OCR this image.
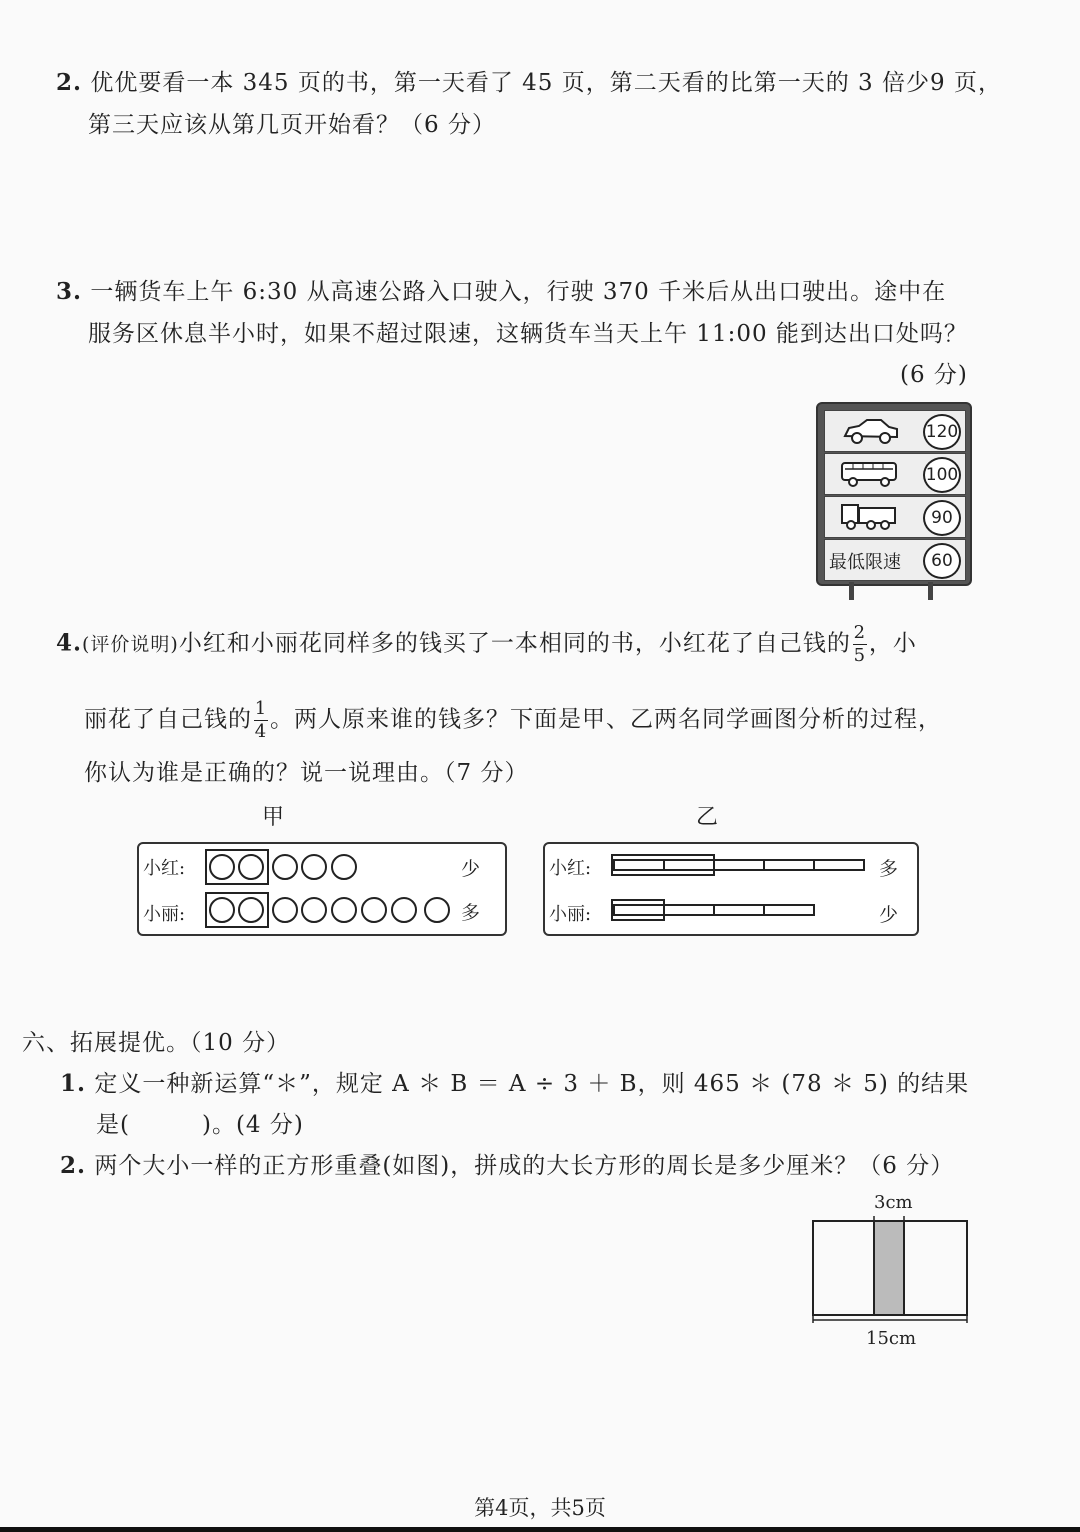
2. 优优要看一本 345 页的书，第一天看了 45 页，第二天看的比第一天的 3 倍少9 页，
第三天应该从第几页开始看？（6 分）
3. 一辆货车上午 6:30 从高速公路入口驶入，行驶 370 千米后从出口驶出。途中在
服务区休息半小时，如果不超过限速，这辆货车当天上午 11:00 能到达出口处吗？
(6 分)
120
100
90
最低限速	60
4.(评价说明)小红和小丽花同样多的钱买了一本相同的书，小红花了自己钱的 $\frac{2}{5}$ ，小
丽花了自己钱的 $\frac{1}{4}$ 。两人原来谁的钱多？下面是甲、乙两名同学画图分析的过程，
你认为谁是正确的？说一说理由。（7 分）
甲
小红:
小丽:
少
多
乙
小红:
小丽:
多
少
六、拓展提优。（10 分）
1. 定义一种新运算“＊”，规定 A ＊ B ＝ A ÷ 3 ＋ B，则 465 ＊ (78 ＊ 5) 的结果
是(　　　)。(4 分)
2. 两个大小一样的正方形重叠(如图)，拼成的大长方形的周长是多少厘米？（6 分）
3cm
15cm
第4页，共5页
